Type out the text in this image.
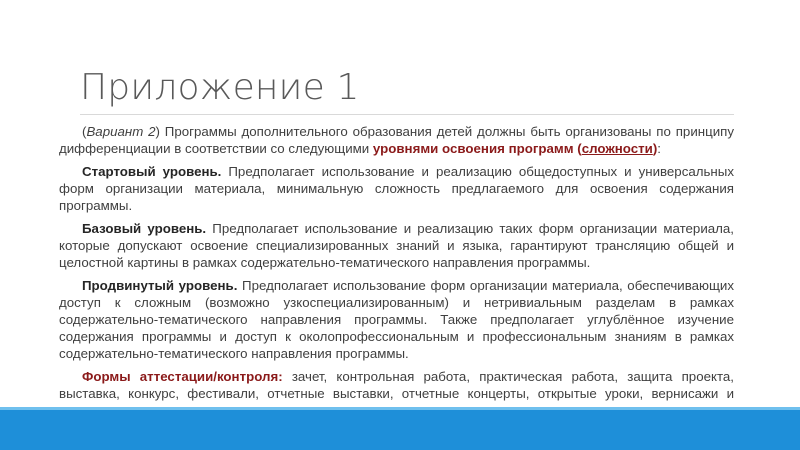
Приложение 1

(Вариант 2) Программы дополнительного образования детей должны быть организованы по принципу дифференциации в соответствии со следующими уровнями освоения программ (сложности):

Стартовый уровень. Предполагает использование и реализацию общедоступных и универсальных форм организации материала, минимальную сложность предлагаемого для освоения содержания программы.

Базовый уровень. Предполагает использование и реализацию таких форм организации материала, которые допускают освоение специализированных знаний и языка, гарантируют трансляцию общей и целостной картины в рамках содержательно-тематического направления программы.

Продвинутый уровень. Предполагает использование форм организации материала, обеспечивающих доступ к сложным (возможно узкоспециализированным) и нетривиальным разделам в рамках содержательно-тематического направления программы. Также предполагает углублённое изучение содержания программы и доступ к околопрофессиональным и профессиональным знаниям в рамках содержательно-тематического направления программы.

Формы аттестации/контроля: зачет, контрольная работа, практическая работа, защита проекта, выставка, конкурс, фестивали, отчетные выставки, отчетные концерты, открытые уроки, вернисажи и
